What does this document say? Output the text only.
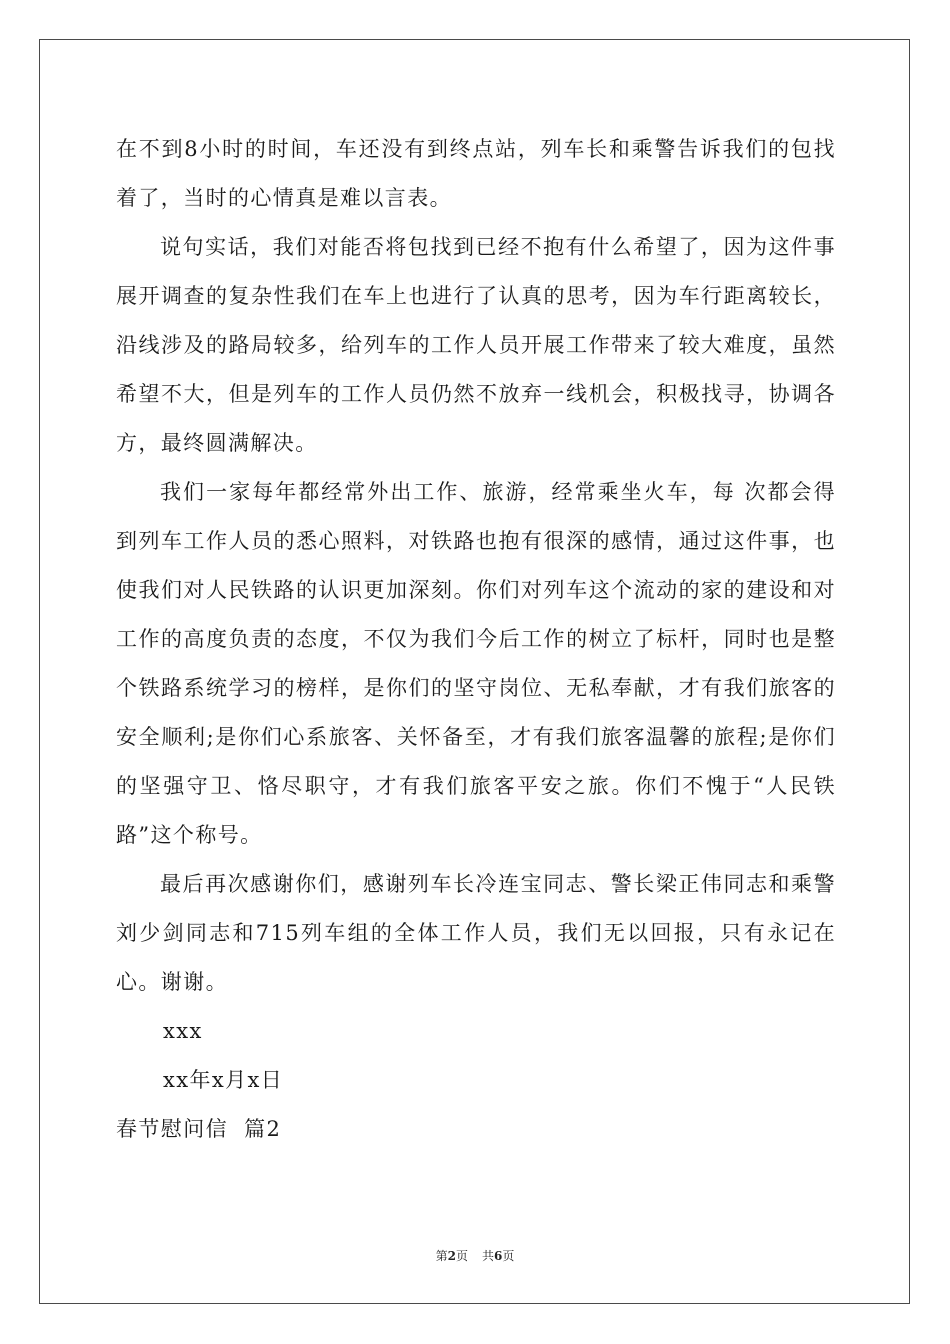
在不到8小时的时间，车还没有到终点站，列车长和乘警告诉我们的包找着了，当时的心情真是难以言表。

说句实话，我们对能否将包找到已经不抱有什么希望了，因为这件事展开调查的复杂性我们在车上也进行了认真的思考，因为车行距离较长，沿线涉及的路局较多，给列车的工作人员开展工作带来了较大难度，虽然希望不大，但是列车的工作人员仍然不放弃一线机会，积极找寻，协调各方，最终圆满解决。

我们一家每年都经常外出工作、旅游，经常乘坐火车，每 次都会得到列车工作人员的悉心照料，对铁路也抱有很深的感情，通过这件事，也使我们对人民铁路的认识更加深刻。你们对列车这个流动的家的建设和对工作的高度负责的态度，不仅为我们今后工作的树立了标杆，同时也是整个铁路系统学习的榜样，是你们的坚守岗位、无私奉献，才有我们旅客的安全顺利;是你们心系旅客、关怀备至，才有我们旅客温馨的旅程;是你们的坚强守卫、恪尽职守，才有我们旅客平安之旅。你们不愧于“人民铁路”这个称号。

最后再次感谢你们，感谢列车长冷连宝同志、警长梁正伟同志和乘警刘少剑同志和715列车组的全体工作人员，我们无以回报，只有永记在心。谢谢。

xxx

xx年x月x日

春节慰问信  篇2

第2页 共6页
